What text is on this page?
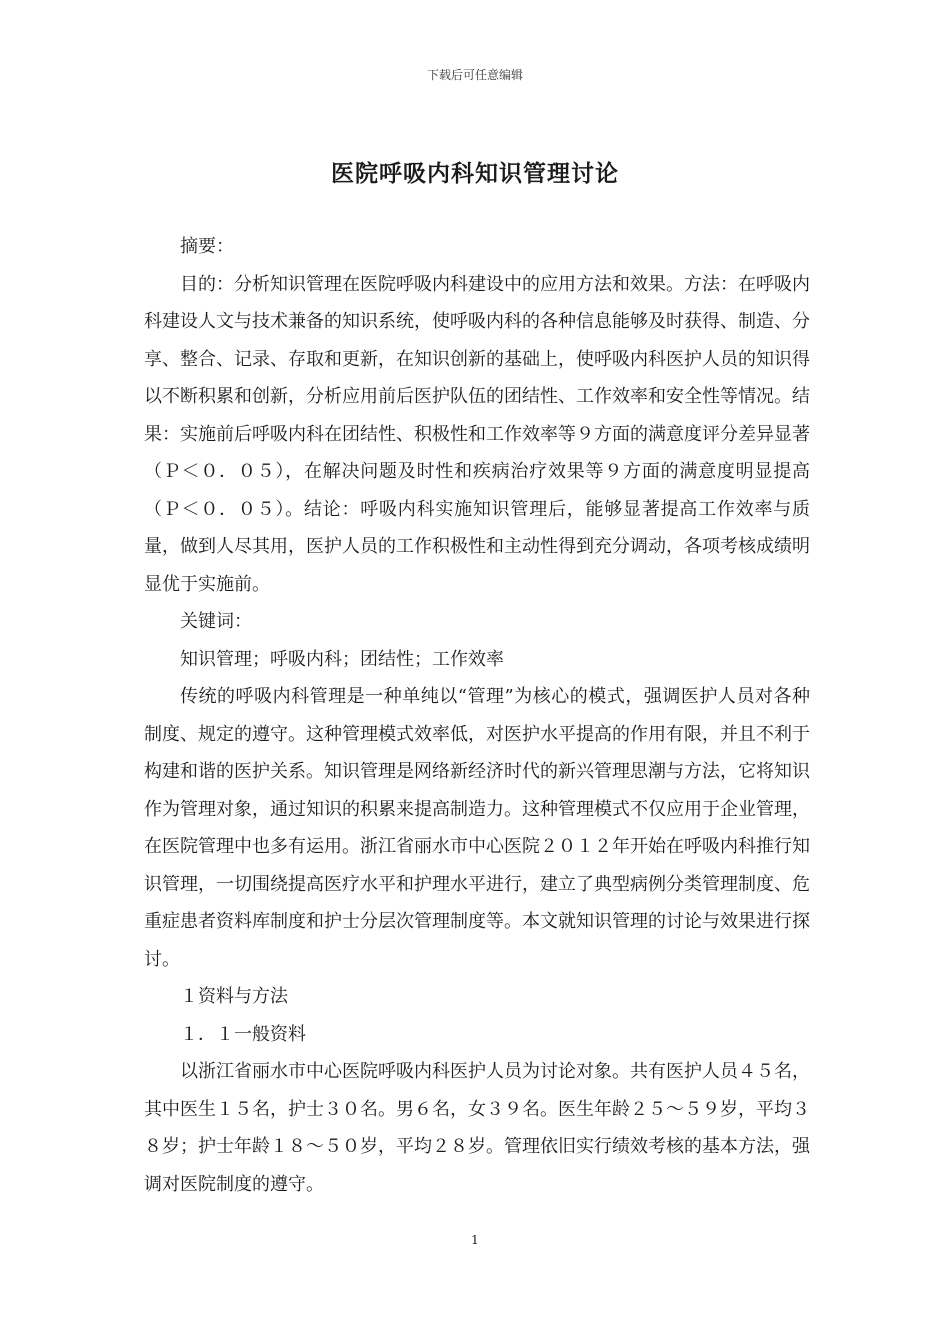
下载后可任意编辑
医院呼吸内科知识管理讨论

摘要：

目的：分析知识管理在医院呼吸内科建设中的应用方法和效果。方法：在呼吸内科建设人文与技术兼备的知识系统，使呼吸内科的各种信息能够及时获得、制造、分享、整合、记录、存取和更新，在知识创新的基础上，使呼吸内科医护人员的知识得以不断积累和创新，分析应用前后医护队伍的团结性、工作效率和安全性等情况。结果：实施前后呼吸内科在团结性、积极性和工作效率等９方面的满意度评分差异显著（Ｐ＜０．０５），在解决问题及时性和疾病治疗效果等９方面的满意度明显提高（Ｐ＜０．０５）。结论：呼吸内科实施知识管理后，能够显著提高工作效率与质量，做到人尽其用，医护人员的工作积极性和主动性得到充分调动，各项考核成绩明显优于实施前。

关键词：

知识管理；呼吸内科；团结性；工作效率

传统的呼吸内科管理是一种单纯以“管理”为核心的模式，强调医护人员对各种制度、规定的遵守。这种管理模式效率低，对医护水平提高的作用有限，并且不利于构建和谐的医护关系。知识管理是网络新经济时代的新兴管理思潮与方法，它将知识作为管理对象，通过知识的积累来提高制造力。这种管理模式不仅应用于企业管理，在医院管理中也多有运用。浙江省丽水市中心医院２０１２年开始在呼吸内科推行知识管理，一切围绕提高医疗水平和护理水平进行，建立了典型病例分类管理制度、危重症患者资料库制度和护士分层次管理制度等。本文就知识管理的讨论与效果进行探讨。

１资料与方法

１．１一般资料

以浙江省丽水市中心医院呼吸内科医护人员为讨论对象。共有医护人员４５名，其中医生１５名，护士３０名。男６名，女３９名。医生年龄２５～５９岁，平均３８岁；护士年龄１８～５０岁，平均２８岁。管理依旧实行绩效考核的基本方法，强调对医院制度的遵守。

1
